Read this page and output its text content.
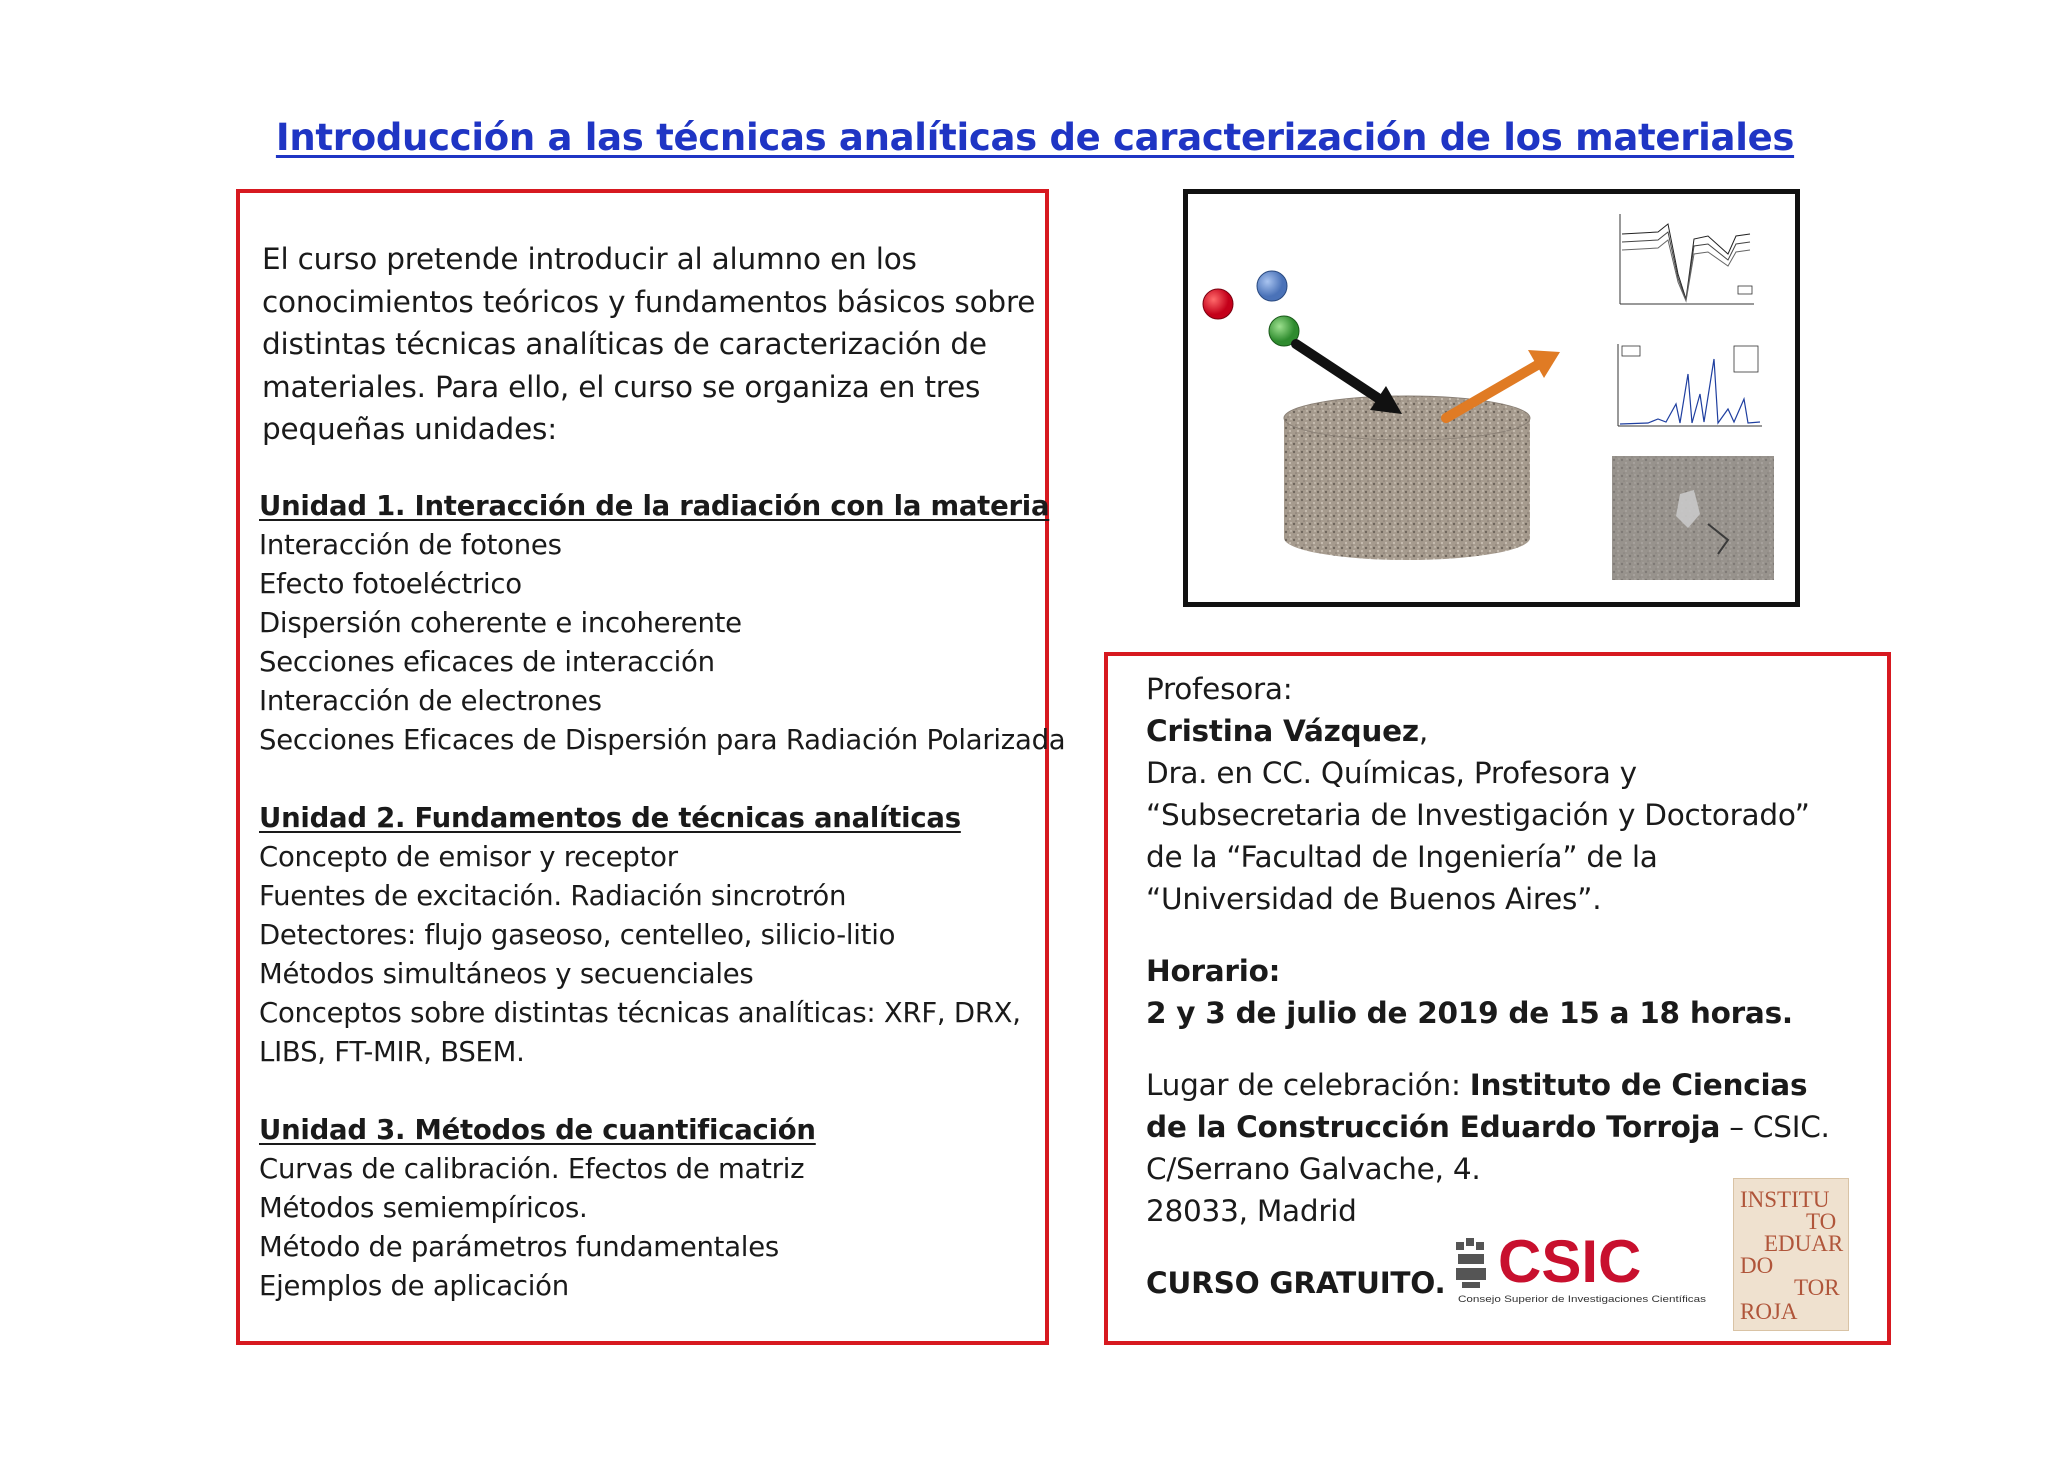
Introducción a las técnicas analíticas de caracterización de los materiales
El curso pretende introducir al alumno en los conocimientos teóricos y fundamentos básicos sobre distintas técnicas analíticas de caracterización de materiales. Para ello, el curso se organiza en tres pequeñas unidades:
Unidad 1. Interacción de la radiación con la materia
Interacción de fotones
Efecto fotoeléctrico
Dispersión coherente e incoherente
Secciones eficaces de interacción
Interacción de electrones
Secciones Eficaces de Dispersión para Radiación Polarizada
Unidad 2. Fundamentos de técnicas analíticas
Concepto de emisor y receptor
Fuentes de excitación. Radiación sincrotrón
Detectores: flujo gaseoso, centelleo, silicio-litio
Métodos simultáneos y secuenciales
Conceptos sobre distintas técnicas analíticas: XRF, DRX, LIBS, FT-MIR, BSEM.
Unidad 3. Métodos de cuantificación
Curvas de calibración. Efectos de matriz
Métodos semiempíricos.
Método de parámetros fundamentales
Ejemplos de aplicación

Profesora:

Cristina Vázquez,

Dra. en CC. Químicas, Profesora y

“Subsecretaria de Investigación y Doctorado”

de la “Facultad de Ingeniería” de la

“Universidad de Buenos Aires”.

Horario:

2 y 3 de julio de 2019 de 15 a 18 horas.

Lugar de celebración: Instituto de Ciencias

de la Construcción Eduardo Torroja – CSIC.

C/Serrano Galvache, 4.

28033, Madrid

CURSO GRATUITO. CSIC
Consejo Superior de Investigaciones Científicas
INSTITU
TO
EDUAR
DO
TOR
ROJA
